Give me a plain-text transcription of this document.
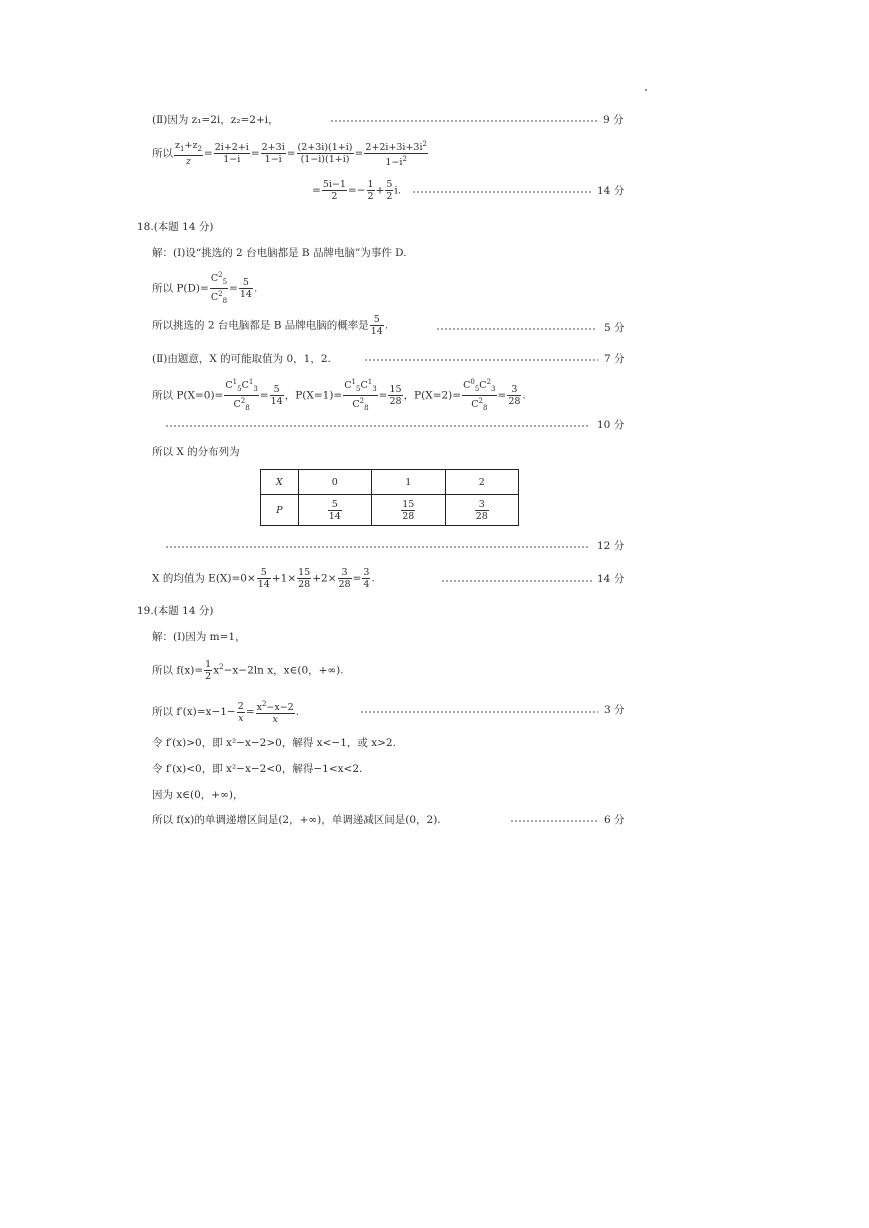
(Ⅱ)因为 z₁=2i，z₂=2+i，	9 分
所以 $\frac{z_1+z_2}{z} = \frac{2i+2+i}{1-i} = \frac{2+3i}{1-i} = \frac{(2+3i)(1+i)}{(1-i)(1+i)} = \frac{2+2i+3i+3i^2}{1-i^2}$
= $\frac{5i-1}{2} =- \frac{1}{2} + \frac{5}{2} i$.	14 分
18.(本题 14 分)
解：(Ⅰ)设“挑选的 2 台电脑都是 B 品牌电脑”为事件 D.
所以 $P(D)= \frac{C^2_5}{C^2_8} = \frac{5}{14}$ .
所以挑选的 2 台电脑都是 B 品牌电脑的概率是 $\frac{5}{14}$ .	5 分
(Ⅱ)由题意，X 的可能取值为 0，1，2.	7 分
所以 $P(X=0)= \frac{C^1_5C^1_3}{C^2_8} = \frac{5}{14}$ ，$P(X=1)= \frac{C^1_5C^1_3}{C^2_8} = \frac{15}{28}$ ，$P(X=2)= \frac{C^0_5C^2_3}{C^2_8} = \frac{3}{28}$ .
10 分
所以 X 的分布列为
X	0	1	2
P	$\frac{5}{14}$	$\frac{15}{28}$	$\frac{3}{28}$
12 分
X 的均值为 $E(X)=0\times \frac{5}{14} +1\times \frac{15}{28} +2\times \frac{3}{28} = \frac{3}{4}$ .	14 分
19.(本题 14 分)
解：(Ⅰ)因为 m=1，
所以 $f(x)= \frac{1}{2} x^2-x-2\ln$ x，x∈(0，+∞).
所以 $f'(x)=x-1- \frac{2}{x} = \frac{x^2-x-2}{x}$ .	3 分
令 f′(x)>0，即 x²−x−2>0，解得 x<−1，或 x>2.
令 f′(x)<0，即 x²−x−2<0，解得−1<x<2.
因为 x∈(0，+∞)，
所以 f(x)的单调递增区间是(2，+∞)，单调递减区间是(0，2).	6 分
